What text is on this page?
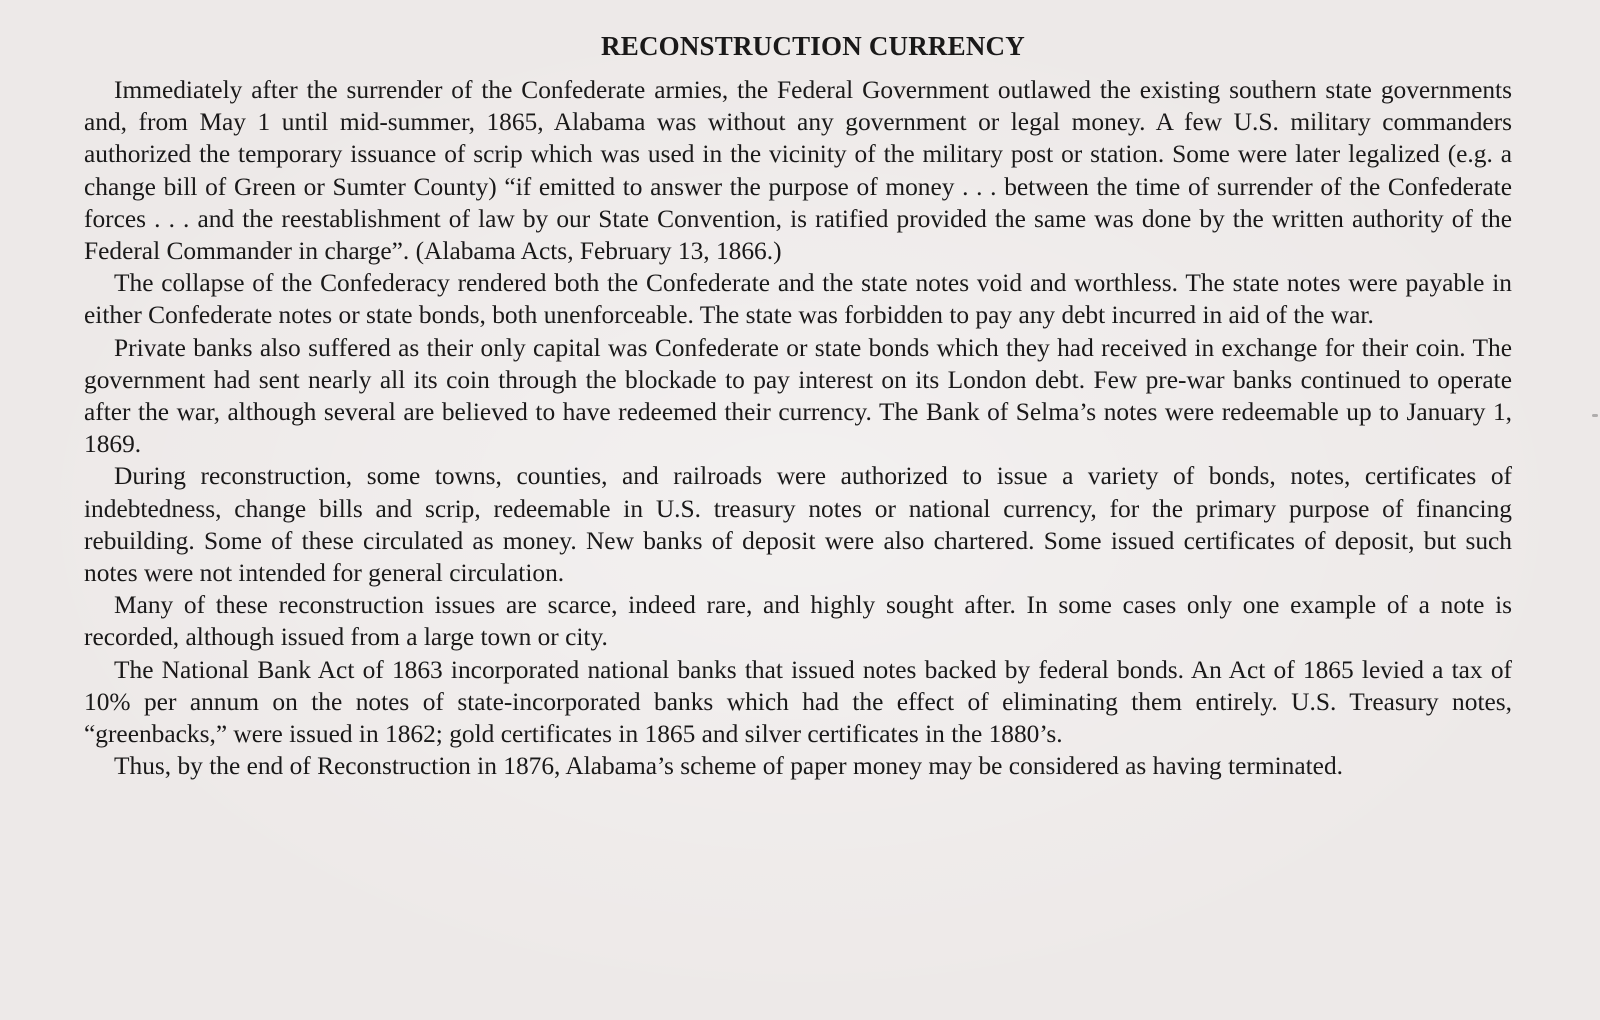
RECONSTRUCTION CURRENCY

Immediately after the surrender of the Confederate armies, the Federal Government outlawed the existing southern state governments and, from May 1 until mid-summer, 1865, Alabama was without any government or legal money. A few U.S. military commanders authorized the temporary issuance of scrip which was used in the vicinity of the military post or station. Some were later legalized (e.g. a change bill of Green or Sumter County) “if emitted to answer the purpose of money . . . between the time of surrender of the Confederate forces . . . and the reestablishment of law by our State Convention, is ratified provided the same was done by the written authority of the Federal Commander in charge”. (Alabama Acts, February 13, 1866.)

The collapse of the Confederacy rendered both the Confederate and the state notes void and worthless. The state notes were payable in either Confederate notes or state bonds, both unenforceable. The state was forbidden to pay any debt incurred in aid of the war.

Private banks also suffered as their only capital was Confederate or state bonds which they had received in exchange for their coin. The government had sent nearly all its coin through the blockade to pay interest on its London debt. Few pre-war banks continued to operate after the war, although several are believed to have redeemed their currency. The Bank of Selma’s notes were redeemable up to January 1, 1869.

During reconstruction, some towns, counties, and railroads were authorized to issue a variety of bonds, notes, certificates of indebtedness, change bills and scrip, redeemable in U.S. treasury notes or national currency, for the primary purpose of financing rebuilding. Some of these circulated as money. New banks of deposit were also chartered. Some issued certificates of deposit, but such notes were not intended for general circulation.

Many of these reconstruction issues are scarce, indeed rare, and highly sought after. In some cases only one example of a note is recorded, although issued from a large town or city.

The National Bank Act of 1863 incorporated national banks that issued notes backed by federal bonds. An Act of 1865 levied a tax of 10% per annum on the notes of state-incorporated banks which had the effect of eliminating them entirely. U.S. Treasury notes, “greenbacks,” were issued in 1862; gold certificates in 1865 and silver certificates in the 1880’s.

Thus, by the end of Reconstruction in 1876, Alabama’s scheme of paper money may be considered as having terminated.
